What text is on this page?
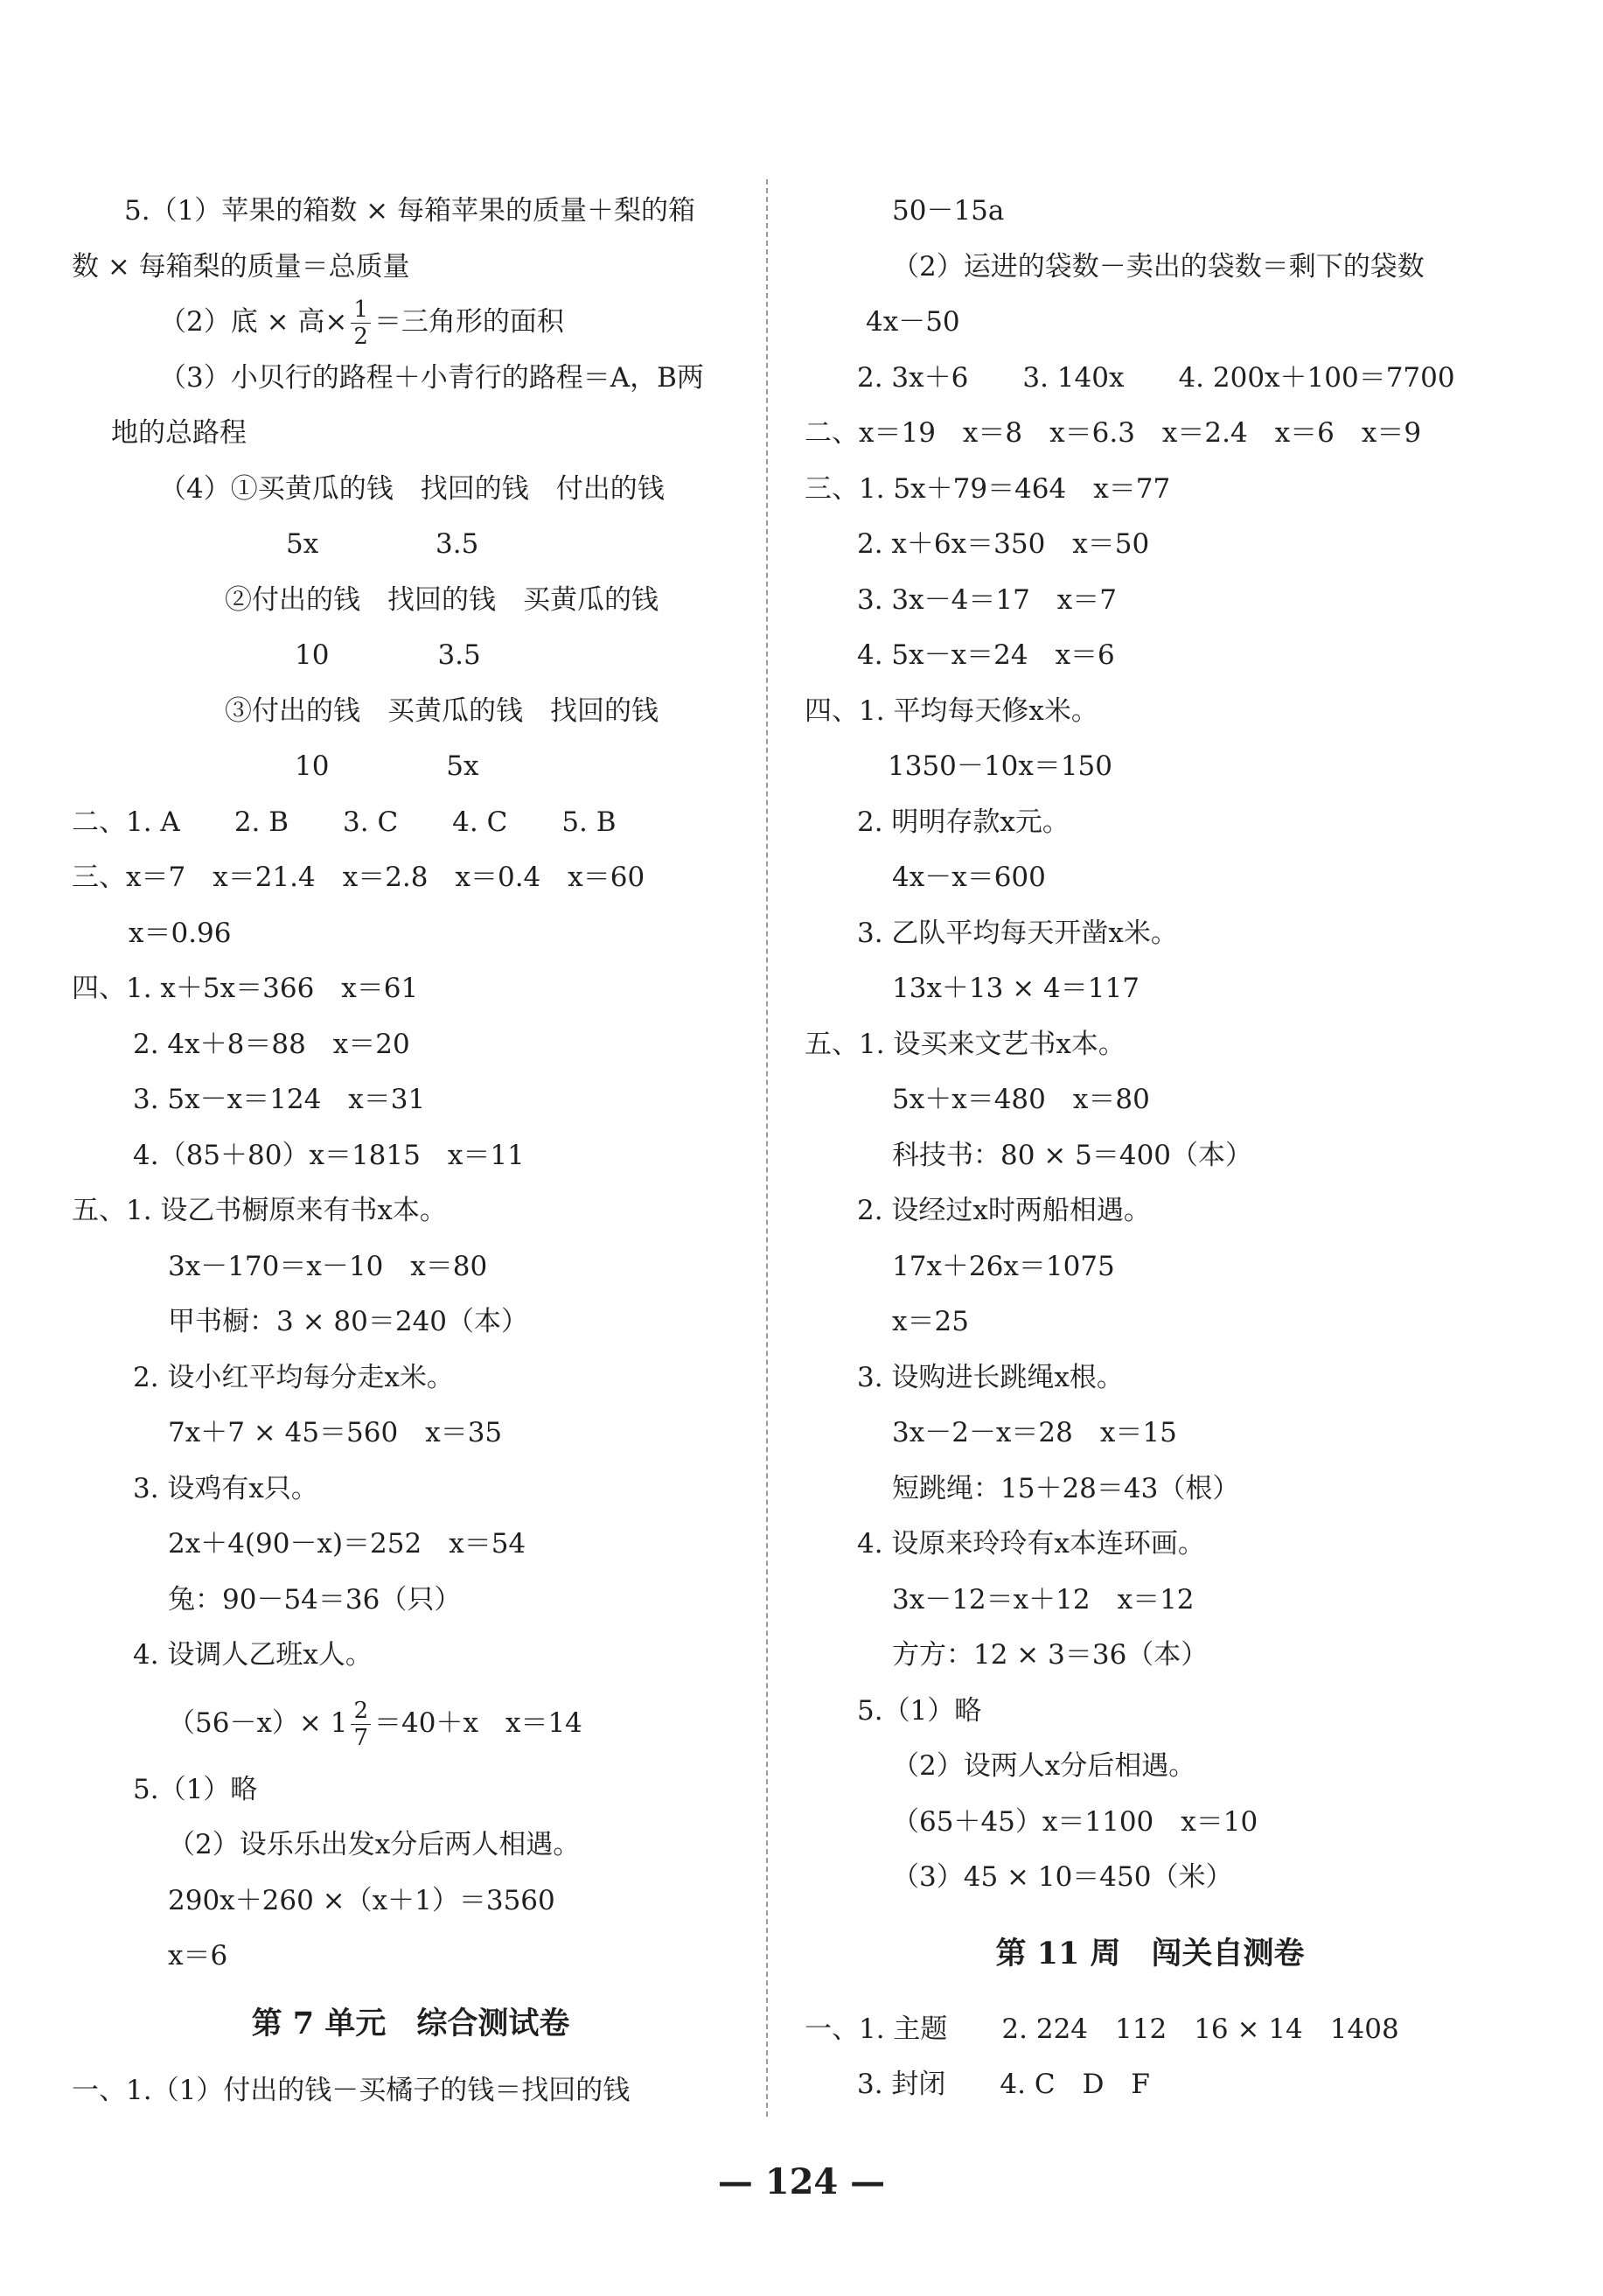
5.（1）苹果的箱数 × 每箱苹果的质量＋梨的箱
数 × 每箱梨的质量＝总质量
（2）底 × 高× $\frac{1}{2}$ ＝三角形的面积
（3）小贝行的路程＋小青行的路程＝A，B两
地的总路程
（4）①买黄瓜的钱　找回的钱　付出的钱
5x　　　　 3.5
②付出的钱　找回的钱　买黄瓜的钱
10　　　　3.5
③付出的钱　买黄瓜的钱　找回的钱
10　　　　 5x
二、1. A　　2. B　　3. C　　4. C　　5. B
三、x＝7　x＝21.4　x＝2.8　x＝0.4　x＝60
x＝0.96
四、1. x＋5x＝366　x＝61
2. 4x＋8＝88　x＝20
3. 5x－x＝124　x＝31
4.（85＋80）x＝1815　x＝11
五、1. 设乙书橱原来有书x本。
3x－170＝x－10　x＝80
甲书橱：3 × 80＝240（本）
2. 设小红平均每分走x米。
7x＋7 × 45＝560　x＝35
3. 设鸡有x只。
2x＋4(90－x)＝252　x＝54
兔：90－54＝36（只）
4. 设调人乙班x人。
$(56-x)\times 1 \frac{2}{7} =40+x$　x＝14
5.（1）略
（2）设乐乐出发x分后两人相遇。
290x＋260 ×（x＋1）＝3560
x＝6
第 7 单元　综合测试卷
一、1.（1）付出的钱－买橘子的钱＝找回的钱
50－15a
（2）运进的袋数－卖出的袋数＝剩下的袋数
4x－50
2. 3x＋6　　3. 140x　　4. 200x＋100＝7700
二、x＝19　x＝8　x＝6.3　x＝2.4　x＝6　x＝9
三、1. 5x＋79＝464　x＝77
2. x＋6x＝350　x＝50
3. 3x－4＝17　x＝7
4. 5x－x＝24　x＝6
四、1. 平均每天修x米。
1350－10x＝150
2. 明明存款x元。
4x－x＝600
3. 乙队平均每天开凿x米。
13x＋13 × 4＝117
五、1. 设买来文艺书x本。
5x＋x＝480　x＝80
科技书：80 × 5＝400（本）
2. 设经过x时两船相遇。
17x＋26x＝1075
x＝25
3. 设购进长跳绳x根。
3x－2－x＝28　x＝15
短跳绳：15＋28＝43（根）
4. 设原来玲玲有x本连环画。
3x－12＝x＋12　x＝12
方方：12 × 3＝36（本）
5.（1）略
（2）设两人x分后相遇。
（65＋45）x＝1100　x＝10
（3）45 × 10＝450（米）
第 11 周　闯关自测卷
一、1. 主题　　2. 224　112　16 × 14　1408
3. 封闭　　4. C　D　F
— 124 —
